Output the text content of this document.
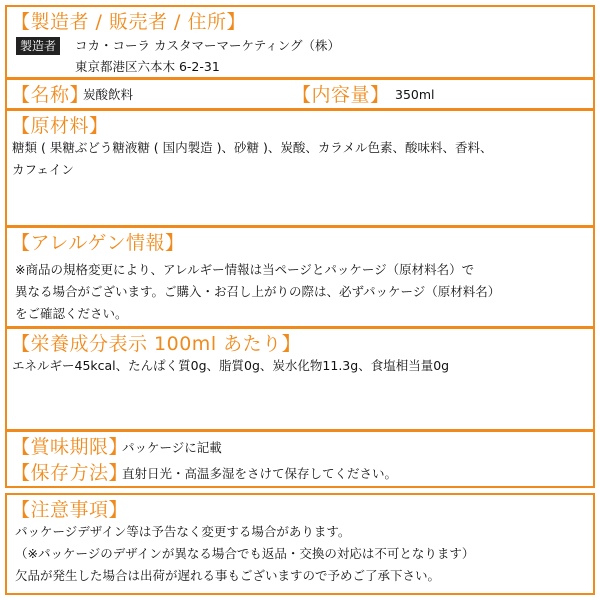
【製造者 / 販売者 / 住所】
製造者	コカ・コーラ カスタマーマーケティング（株）
東京都港区六本木 6-2-31
【名称】
炭酸飲料	【内容量】 350ml
【原材料】
糖類 ( 果糖ぶどう糖液糖 ( 国内製造 )、砂糖 )、炭酸、カラメル色素、酸味料、香料、
カフェイン
【アレルゲン情報】
※商品の規格変更により、アレルギー情報は当ページとパッケージ（原材料名）で
異なる場合がございます。ご購入・お召し上がりの際は、必ずパッケージ（原材料名）
をご確認ください。
【栄養成分表示 100ml あたり】
エネルギー45kcal、たんぱく質0g、脂質0g、炭水化物11.3g、食塩相当量0g
【賞味期限】
パッケージに記載
【保存方法】
直射日光・高温多湿をさけて保存してください。
【注意事項】
パッケージデザイン等は予告なく変更する場合があります。
（※パッケージのデザインが異なる場合でも返品・交換の対応は不可となります）
欠品が発生した場合は出荷が遅れる事もございますので予めご了承下さい。
